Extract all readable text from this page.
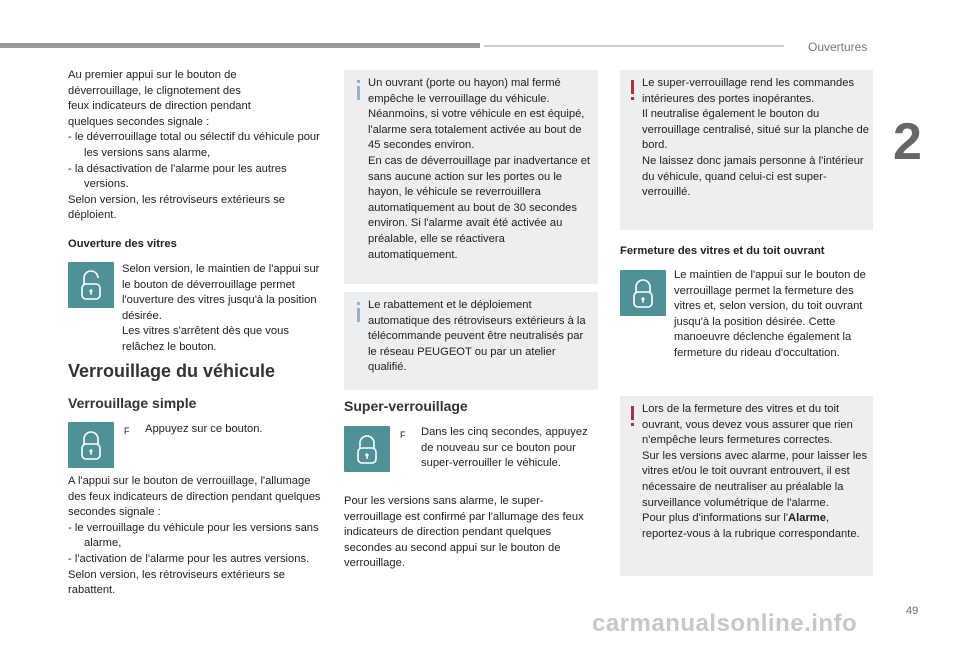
Ouvertures
2

Au premier appui sur le bouton de

déverrouillage, le clignotement des

feux indicateurs de direction pendant

quelques secondes signale :

- le déverrouillage total ou sélectif du véhicule pour les versions sans alarme,
- la désactivation de l'alarme pour les autres versions.

Selon version, les rétroviseurs extérieurs se déploient.

Ouverture des vitres

Selon version, le maintien de l'appui sur le bouton de déverrouillage permet l'ouverture des vitres jusqu'à la position désirée.

Les vitres s'arrêtent dès que vous relâchez le bouton.

Verrouillage du véhicule
Verrouillage simple
F Appuyez sur ce bouton.

A l'appui sur le bouton de verrouillage, l'allumage des feux indicateurs de direction pendant quelques secondes signale :

- le verrouillage du véhicule pour les versions sans alarme,
- l'activation de l'alarme pour les autres versions.

Selon version, les rétroviseurs extérieurs se rabattent.

Un ouvrant (porte ou hayon) mal fermé empêche le verrouillage du véhicule.

Néanmoins, si votre véhicule en est équipé, l'alarme sera totalement activée au bout de 45 secondes environ.

En cas de déverrouillage par inadvertance et sans aucune action sur les portes ou le hayon, le véhicule se reverrouillera automatiquement au bout de 30 secondes environ. Si l'alarme avait été activée au préalable, elle se réactivera automatiquement.

Le rabattement et le déploiement automatique des rétroviseurs extérieurs à la télécommande peuvent être neutralisés par le réseau PEUGEOT ou par un atelier qualifié.
Super-verrouillage
F Dans les cinq secondes, appuyez de nouveau sur ce bouton pour super-verrouiller le véhicule.
Pour les versions sans alarme, le super-verrouillage est confirmé par l'allumage des feux indicateurs de direction pendant quelques secondes au second appui sur le bouton de verrouillage.

Le super-verrouillage rend les commandes intérieures des portes inopérantes.

Il neutralise également le bouton du verrouillage centralisé, situé sur la planche de bord.

Ne laissez donc jamais personne à l'intérieur du véhicule, quand celui-ci est super-verrouillé.

Fermeture des vitres et du toit ouvrant
Le maintien de l'appui sur le bouton de verrouillage permet la fermeture des vitres et, selon version, du toit ouvrant jusqu'à la position désirée. Cette manoeuvre déclenche également la fermeture du rideau d'occultation.

Lors de la fermeture des vitres et du toit ouvrant, vous devez vous assurer que rien n'empêche leurs fermetures correctes.

Sur les versions avec alarme, pour laisser les vitres et/ou le toit ouvrant entrouvert, il est nécessaire de neutraliser au préalable la surveillance volumétrique de l'alarme.

Pour plus d'informations sur l'Alarme, reportez-vous à la rubrique correspondante.

49
carmanualsonline.info
